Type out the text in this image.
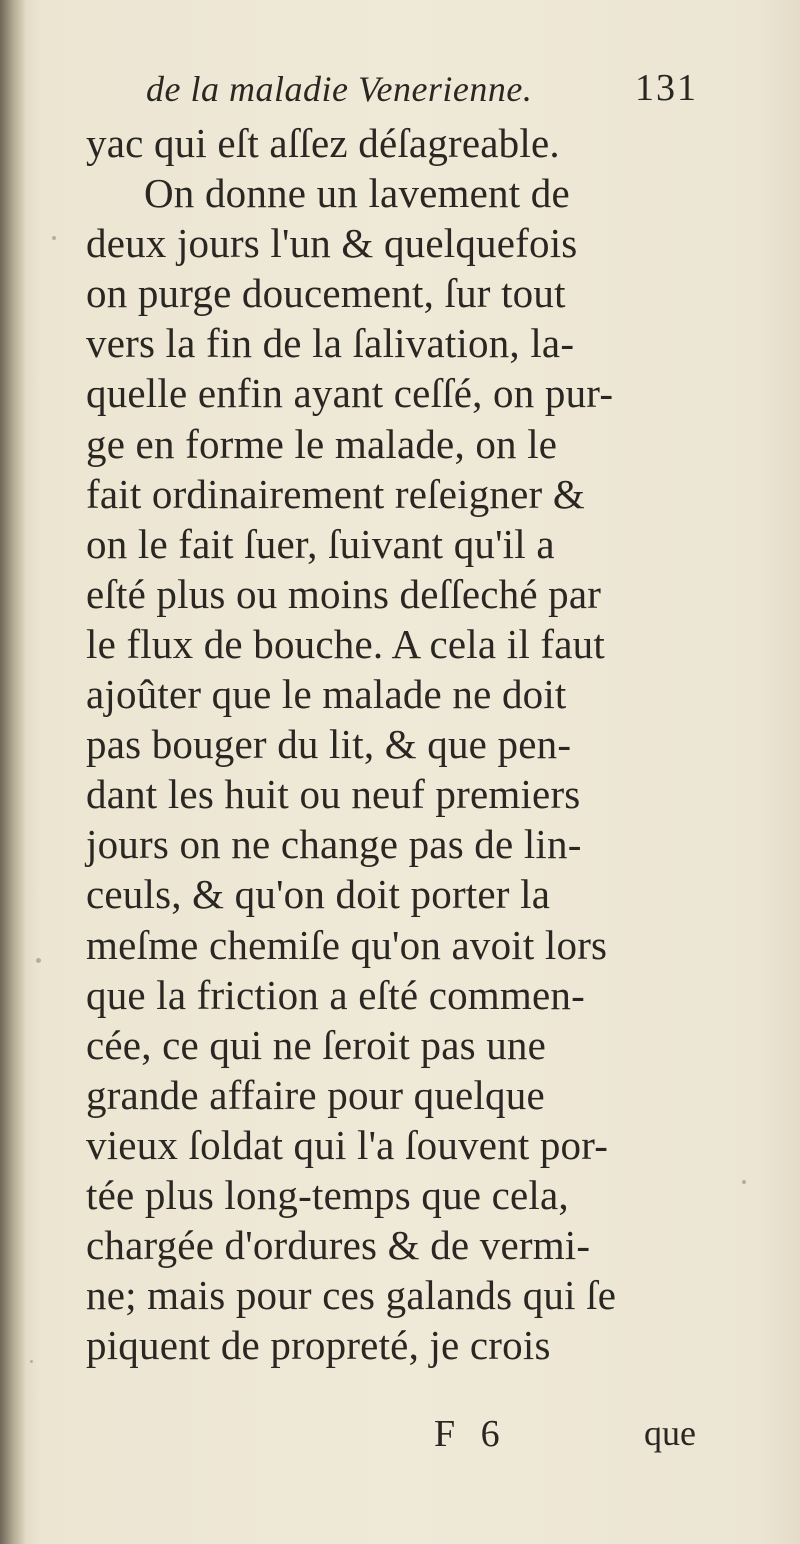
de la maladie Venerienne.	131
yac qui eſt aſſez déſagreable.
On donne un lavement de
deux jours l'un & quelquefois
on purge doucement, ſur tout
vers la fin de la ſalivation, la-
quelle enfin ayant ceſſé, on pur-
ge en forme le malade, on le
fait ordinairement reſeigner &
on le fait ſuer, ſuivant qu'il a
eſté plus ou moins deſſeché par
le flux de bouche. A cela il faut
ajoûter que le malade ne doit
pas bouger du lit, & que pen-
dant les huit ou neuf premiers
jours on ne change pas de lin-
ceuls, & qu'on doit porter la
meſme chemiſe qu'on avoit lors
que la friction a eſté commen-
cée, ce qui ne ſeroit pas une
grande affaire pour quelque
vieux ſoldat qui l'a ſouvent por-
tée plus long-temps que cela,
chargée d'ordures & de vermi-
ne; mais pour ces galands qui ſe
piquent de propreté, je crois
F 6	que
